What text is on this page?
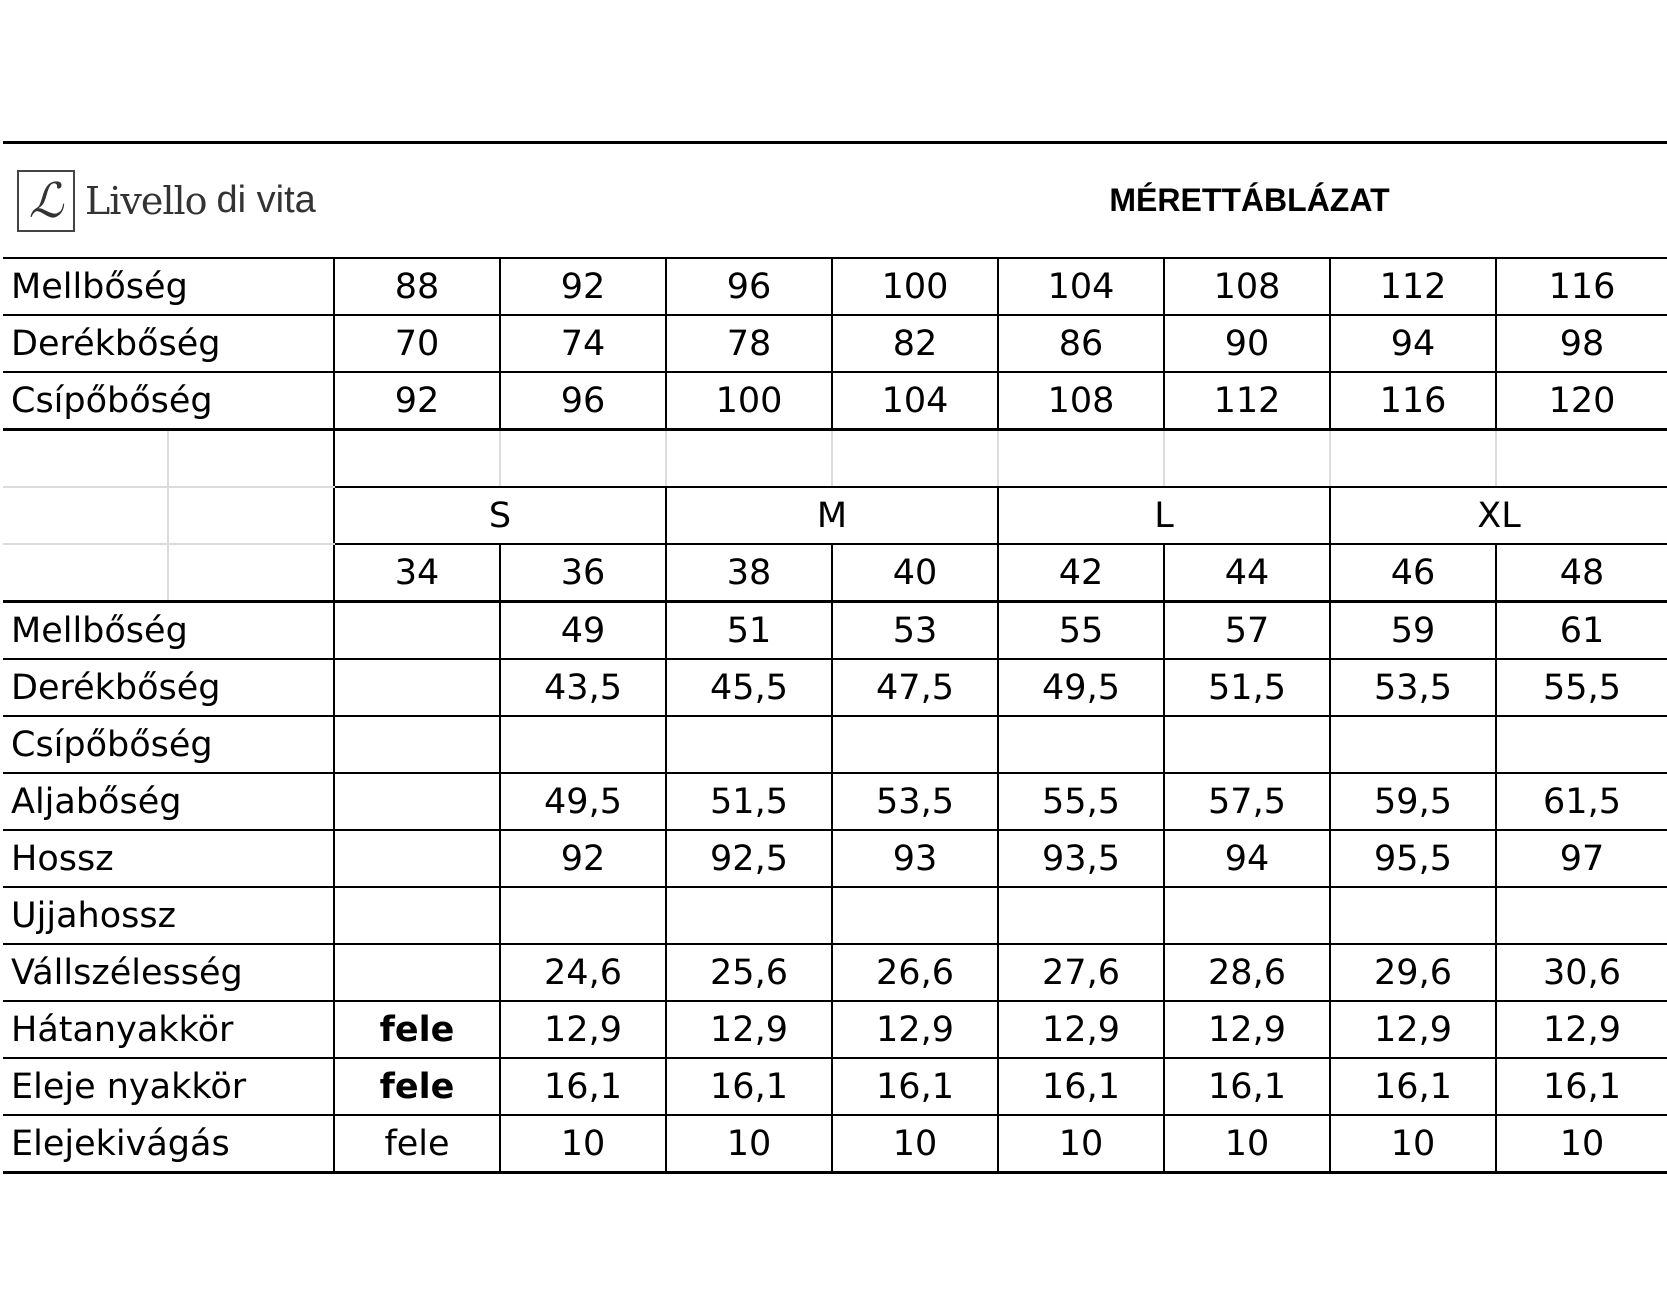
ℒ Livello di vita					MÉRETTÁBLÁZAT				
Mellbőség		88	92	96	100	104	108	112	116
Derékbőség		70	74	78	82	86	90	94	98
Csípőbőség		92	96	100	104	108	112	116	120

		S		M		L		XL	
		34	36	38	40	42	44	46	48
Mellbőség			49	51	53	55	57	59	61
Derékbőség			43,5	45,5	47,5	49,5	51,5	53,5	55,5
Csípőbőség									
Aljabőség			49,5	51,5	53,5	55,5	57,5	59,5	61,5
Hossz			92	92,5	93	93,5	94	95,5	97
Ujjahossz									
Vállszélesség			24,6	25,6	26,6	27,6	28,6	29,6	30,6
Hátanyakkör		fele	12,9	12,9	12,9	12,9	12,9	12,9	12,9
Eleje nyakkör		fele	16,1	16,1	16,1	16,1	16,1	16,1	16,1
Elejekivágás		fele	10	10	10	10	10	10	10
